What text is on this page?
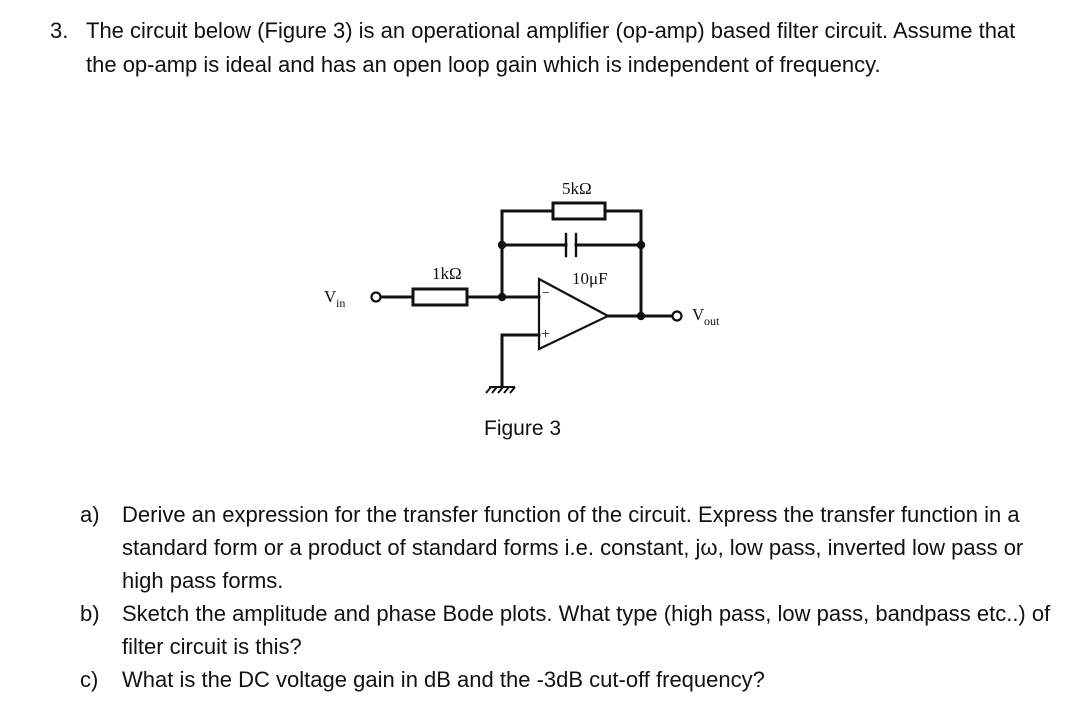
3. The circuit below (Figure 3) is an operational amplifier (op-amp) based filter circuit. Assume that the op-amp is ideal and has an open loop gain which is independent of frequency.
5kΩ
10μF
1kΩ
V in
V out
−
+
Figure 3
a) Derive an expression for the transfer function of the circuit. Express the transfer function in a standard form or a product of standard forms i.e. constant, jω, low pass, inverted low pass or high pass forms.
b) Sketch the amplitude and phase Bode plots. What type (high pass, low pass, bandpass etc..) of filter circuit is this?
c) What is the DC voltage gain in dB and the -3dB cut-off frequency?
